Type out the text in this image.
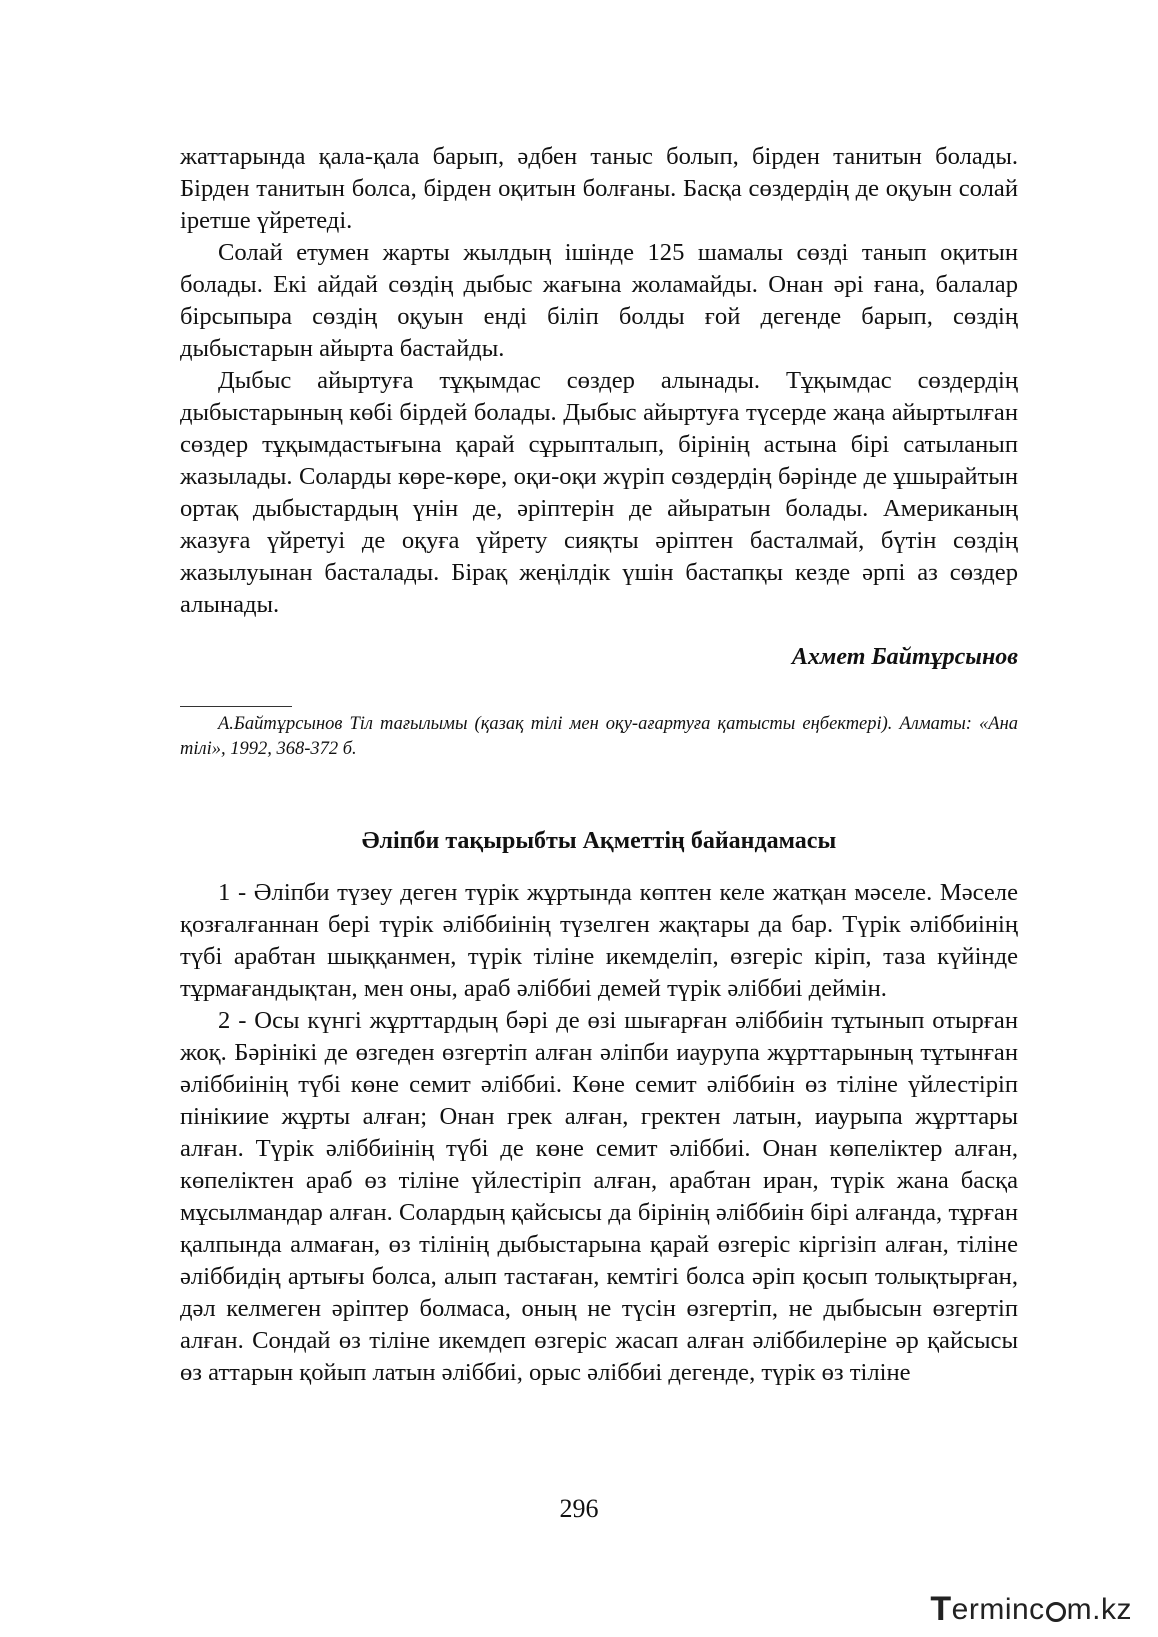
жаттарында қала-қала барып, әдбен таныс болып, бірден танитын болады. Бірден танитын болса, бірден оқитын болғаны. Басқа сөздердің де оқуын солай іретше үйретеді.

Солай етумен жарты жылдың ішінде 125 шамалы сөзді танып оқитын болады. Екі айдай сөздің дыбыс жағына жоламайды. Онан әрі ғана, балалар бірсыпыра сөздің оқуын енді біліп болды ғой дегенде барып, сөздің дыбыстарын айырта бастайды.

Дыбыс айыртуға тұқымдас сөздер алынады. Тұқымдас сөздердің дыбыстарының көбі бірдей болады. Дыбыс айыртуға түсерде жаңа айыртылған сөздер тұқымдастығына қарай сұрыпталып, бірінің астына бірі сатыланып жазылады. Соларды көре-көре, оқи-оқи жүріп сөздердің бәрінде де ұшырайтын ортақ дыбыстардың үнін де, әріптерін де айыратын болады. Американың жазуға үйретуі де оқуға үйрету сияқты әріптен басталмай, бүтін сөздің жазылуынан басталады. Бірақ жеңілдік үшін бастапқы кезде әрпі аз сөздер алынады.

Ахмет Байтұрсынов

А.Байтұрсынов Тіл тағылымы (қазақ тілі мен оқу-ағартуға қатысты еңбектері). Алматы: «Ана тілі», 1992, 368-372 б.

Әліпби тақырыбты Ақметтің байандамасы

1 - Әліпби түзеу деген түрік жұртында көптен келе жатқан мәселе. Мәселе қозғалғаннан бері түрік әліббиінің түзелген жақтары да бар. Түрік әліббиінің түбі арабтан шыққанмен, түрік тіліне икемделіп, өзгеріс кіріп, таза күйінде тұрмағандықтан, мен оны, араб әліббиі демей түрік әліббиі деймін.

2 - Осы күнгі жұрттардың бәрі де өзі шығарған әліббиін тұтынып отырған жоқ. Бәрінікі де өзгеден өзгертіп алған әліпби иаурупа жұрттарының тұтынған әліббиінің түбі көне семит әліббиі. Көне семит әліббиін өз тіліне үйлестіріп пінікиие жұрты алған; Онан грек алған, гректен латын, иаурыпа жұрттары алған. Түрік әліббиінің түбі де көне семит әліббиі. Онан көпеліктер алған, көпеліктен араб өз тіліне үйлестіріп алған, арабтан иран, түрік жана басқа мұсылмандар алған. Солардың қайсысы да бірінің әліббиін бірі алғанда, тұрған қалпында алмаған, өз тілінің дыбыстарына қарай өзгеріс кіргізіп алған, тіліне әліббидің артығы болса, алып тастаған, кемтігі болса әріп қосып толықтырған, дәл келмеген әріптер болмаса, оның не түсін өзгертіп, не дыбысын өзгертіп алған. Сондай өз тіліне икемдеп өзгеріс жасап алған әліббилеріне әр қайсысы өз аттарын қойып латын әліббиі, орыс әліббиі дегенде, түрік өз тіліне

296
T erminc m.kz
